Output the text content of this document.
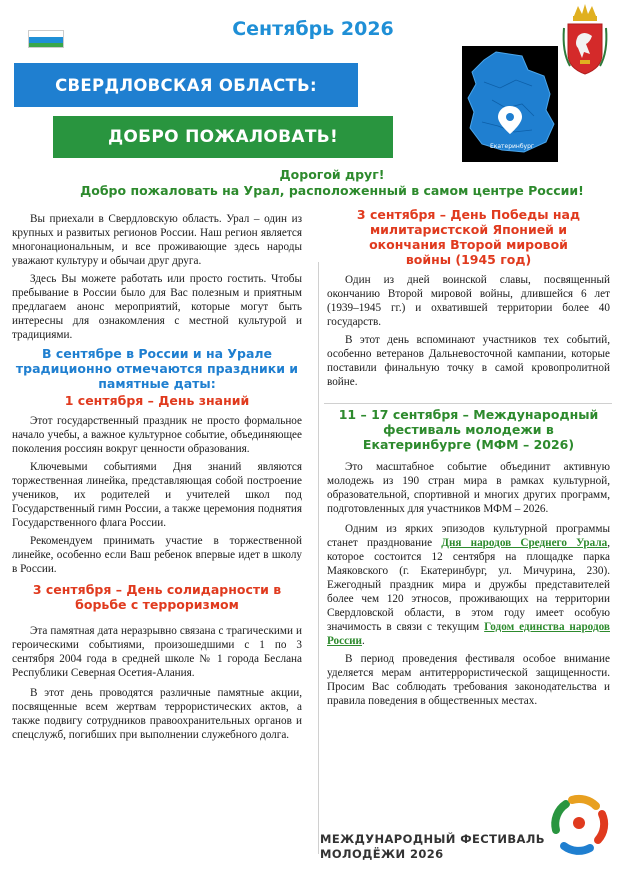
Сентябрь 2026
СВЕРДЛОВСКАЯ ОБЛАСТЬ:
ДОБРО ПОЖАЛОВАТЬ!	Екатеринбург
Дорогой друг!
Добро пожаловать на Урал, расположенный в самом центре России!

Вы приехали в Свердловскую область. Урал – один из крупных и развитых регионов России. Наш регион является многонациональным, и все проживающие здесь народы уважают культуру и обычаи друг друга.

Здесь Вы можете работать или просто гостить. Чтобы пребывание в России было для Вас полезным и приятным предлагаем анонс мероприятий, которые могут быть интересны для ознакомления с местной культурой и традициями.

В сентябре в России и на Урале традиционно отмечаются праздники и памятные даты:
1 сентября – День знаний

Этот государственный праздник не просто формальное начало учебы, а важное культурное событие, объединяющее поколения россиян вокруг ценности образования.

Ключевыми событиями Дня знаний являются торжественная линейка, представляющая собой построение учеников, их родителей и учителей школ под Государственный гимн России, а также церемония поднятия Государственного флага России.

Рекомендуем принимать участие в торжественной линейке, особенно если Ваш ребенок впервые идет в школу в России.

3 сентября – День солидарности в борьбе с терроризмом

Эта памятная дата неразрывно связана с трагическими и героическими событиями, произошедшими с 1 по 3 сентября 2004 года в средней школе № 1 города Беслана Республики Северная Осетия-Алания.

В этот день проводятся различные памятные акции, посвященные всем жертвам террористических актов, а также подвигу сотрудников правоохранительных органов и спецслужб, погибших при выполнении служебного долга.

3 сентября – День Победы над милитаристской Японией и окончания Второй мировой войны (1945 год)

Один из дней воинской славы, посвященный окончанию Второй мировой войны, длившейся 6 лет (1939–1945 гг.) и охватившей территории более 40 государств.

В этот день вспоминают участников тех событий, особенно ветеранов Дальневосточной кампании, которые поставили финальную точку в самой кровопролитной войне.

11 – 17 сентября – Международный фестиваль молодежи в Екатеринбурге (МФМ – 2026)

Это масштабное событие объединит активную молодежь из 190 стран мира в рамках культурной, образовательной, спортивной и многих других программ, подготовленных для участников МФМ – 2026.

Одним из ярких эпизодов культурной программы станет празднование Дня народов Среднего Урала, которое состоится 12 сентября на площадке парка Маяковского (г. Екатеринбург, ул. Мичурина, 230). Ежегодный праздник мира и дружбы представителей более чем 120 этносов, проживающих на территории Свердловской области, в этом году имеет особую значимость в связи с текущим Годом единства народов России.

В период проведения фестиваля особое внимание уделяется мерам антитеррористической защищенности. Просим Вас соблюдать требования законодательства и правила поведения в общественных местах.

МЕЖДУНАРОДНЫЙ ФЕСТИВАЛЬ
МОЛОДЁЖИ 2026
